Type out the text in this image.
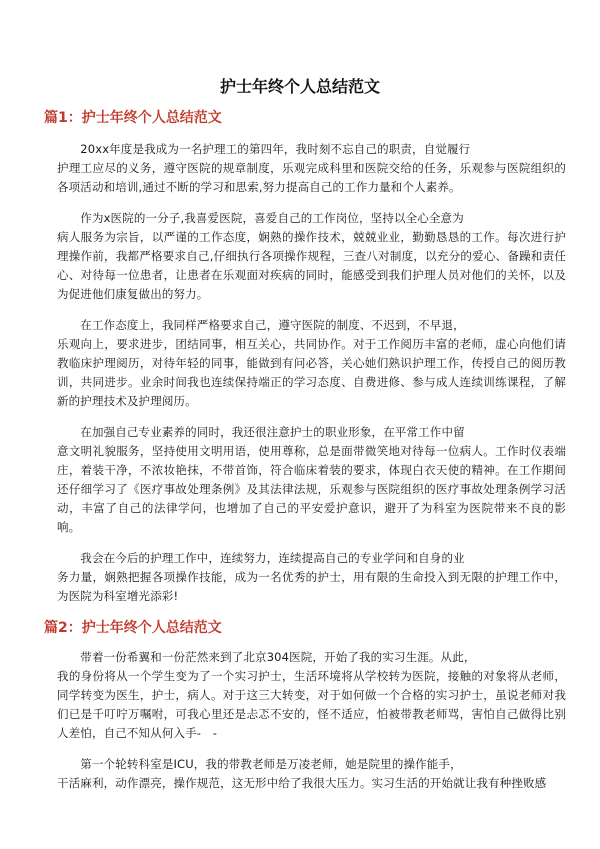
护士年终个人总结范文
篇1：护士年终个人总结范文

　　20xx年度是我成为一名护理工的第四年，我时刻不忘自己的职责，自觉履行
护理工应尽的义务，遵守医院的规章制度，乐观完成科里和医院交给的任务，乐观参与医院组织的各项活动和培训,通过不断的学习和思索,努力提高自己的工作力量和个人素养。

　　作为x医院的一分子,我喜爱医院，喜爱自己的工作岗位，坚持以全心全意为
病人服务为宗旨，以严谨的工作态度，娴熟的操作技术，兢兢业业，勤勤恳恳的工作。每次进行护理操作前，我都严格要求自己,仔细执行各项操作规程，三查八对制度，以充分的爱心、备躁和责任心、对待每一位患者，让患者在乐观面对疾病的同时，能感受到我们护理人员对他们的关怀，以及为促进他们康复做出的努力。

　　在工作态度上，我同样严格要求自己，遵守医院的制度、不迟到，不早退，
乐观向上，要求进步，团结同事，相互关心，共同协作。对于工作阅历丰富的老师，虚心向他们请教临床护理阅历，对待年轻的同事，能做到有问必答，关心她们熟识护理工作，传授自己的阅历教训，共同进步。业余时间我也连续保持端正的学习态度、自费进修、参与成人连续训练课程，了解新的护理技术及护理阅历。

　　在加强自己专业素养的同时，我还很注意护士的职业形象，在平常工作中留
意文明礼貌服务，坚持使用文明用语，使用尊称，总是面带微笑地对待每一位病人。工作时仪表端庄，着装干净，不浓妆艳抹，不带首饰，符合临床着装的要求，体现白衣天使的精神。在工作期间还仔细学习了《医疗事故处理条例》及其法律法规，乐观参与医院组织的医疗事故处理条例学习活动，丰富了自己的法律学问，也增加了自己的平安爱护意识，避开了为科室为医院带来不良的影响。

　　我会在今后的护理工作中，连续努力，连续提高自己的专业学问和自身的业
务力量，娴熟把握各项操作技能，成为一名优秀的护士，用有限的生命投入到无限的护理工作中，为医院为科室增光添彩!

篇2：护士年终个人总结范文

　　带着一份希翼和一份茫然来到了北京304医院，开始了我的实习生涯。从此，
我的身份将从一个学生变为了一个实习护士，生活环境将从学校转为医院，接触的对象将从老师，同学转变为医生，护士，病人。对于这三大转变，对于如何做一个合格的实习护士，虽说老师对我们已是千叮咛万嘱咐，可我心里还是忐忑不安的，怪不适应，怕被带教老师骂，害怕自己做得比别人差怕，自己不知从何入手-　-

　　第一个轮转科室是ICU，我的带教老师是万凌老师，她是院里的操作能手，
干活麻利，动作漂亮，操作规范，这无形中给了我很大压力。实习生活的开始就让我有种挫败感
